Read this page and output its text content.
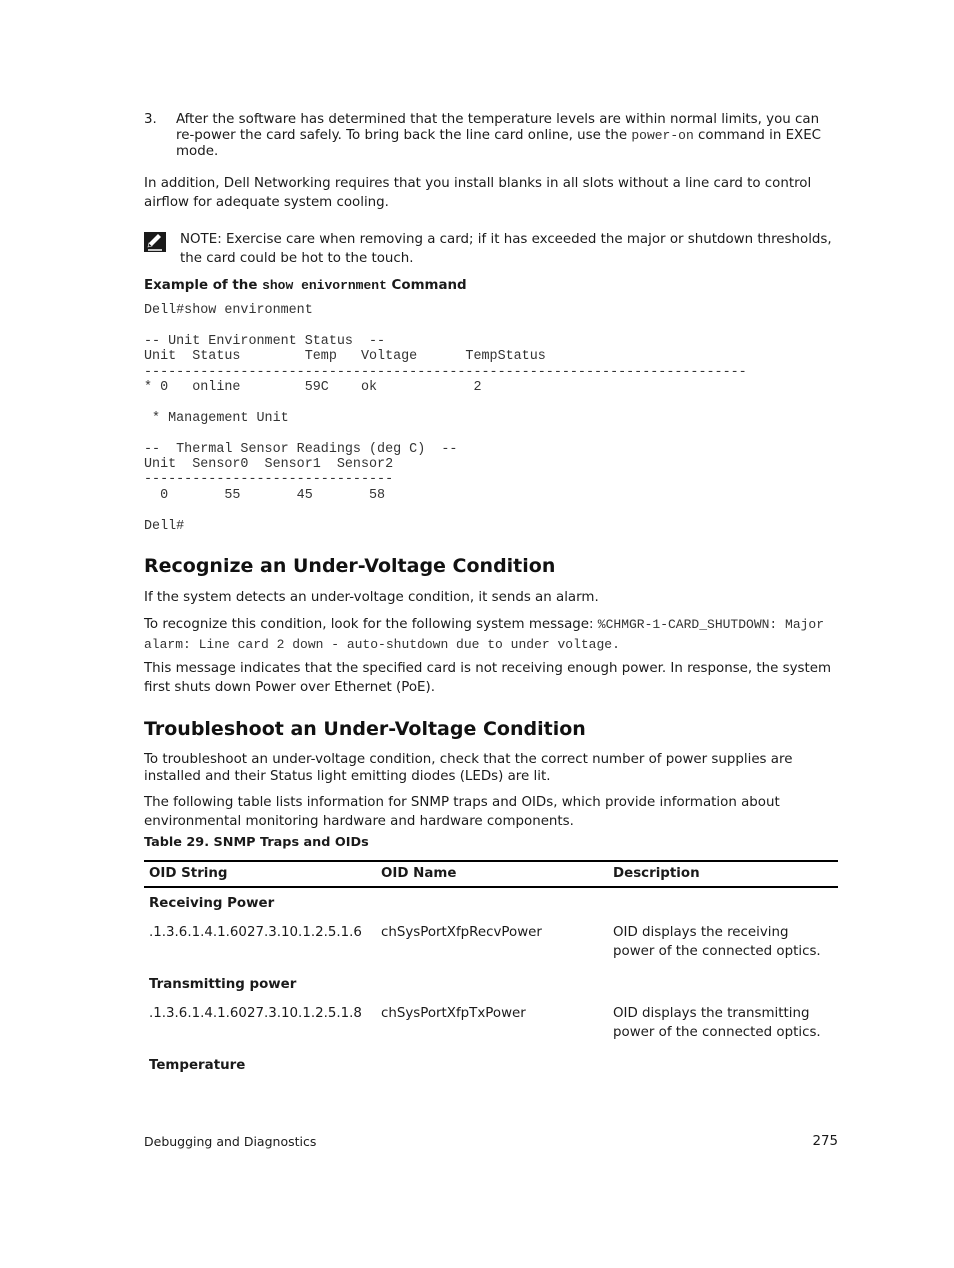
3. After the software has determined that the temperature levels are within normal limits, you can re-power the card safely. To bring back the line card online, use the power-on command in EXEC mode.

In addition, Dell Networking requires that you install blanks in all slots without a line card to control airflow for adequate system cooling.

NOTE: Exercise care when removing a card; if it has exceeded the major or shutdown thresholds, the card could be hot to the touch.
Example of the show enivornment Command
Dell#show environment

-- Unit Environment Status  --
Unit  Status        Temp   Voltage      TempStatus
---------------------------------------------------------------------------
* 0   online        59C    ok            2

* Management Unit

--  Thermal Sensor Readings (deg C)  --
Unit  Sensor0  Sensor1  Sensor2
-------------------------------
0       55       45       58

Dell#
Recognize an Under-Voltage Condition

If the system detects an under-voltage condition, it sends an alarm.

To recognize this condition, look for the following system message: %CHMGR-1-CARD_SHUTDOWN: Major alarm: Line card 2 down - auto-shutdown due to under voltage.

This message indicates that the specified card is not receiving enough power. In response, the system first shuts down Power over Ethernet (PoE).

Troubleshoot an Under-Voltage Condition

To troubleshoot an under-voltage condition, check that the correct number of power supplies are installed and their Status light emitting diodes (LEDs) are lit.

The following table lists information for SNMP traps and OIDs, which provide information about environmental monitoring hardware and hardware components.

Table 29. SNMP Traps and OIDs
OID String	OID Name	Description
Receiving Power		
.1.3.6.1.4.1.6027.3.10.1.2.5.1.6	chSysPortXfpRecvPower	OID displays the receiving power of the connected optics.
Transmitting power		
.1.3.6.1.4.1.6027.3.10.1.2.5.1.8	chSysPortXfpTxPower	OID displays the transmitting power of the connected optics.
Temperature		
Debugging and Diagnostics	275
